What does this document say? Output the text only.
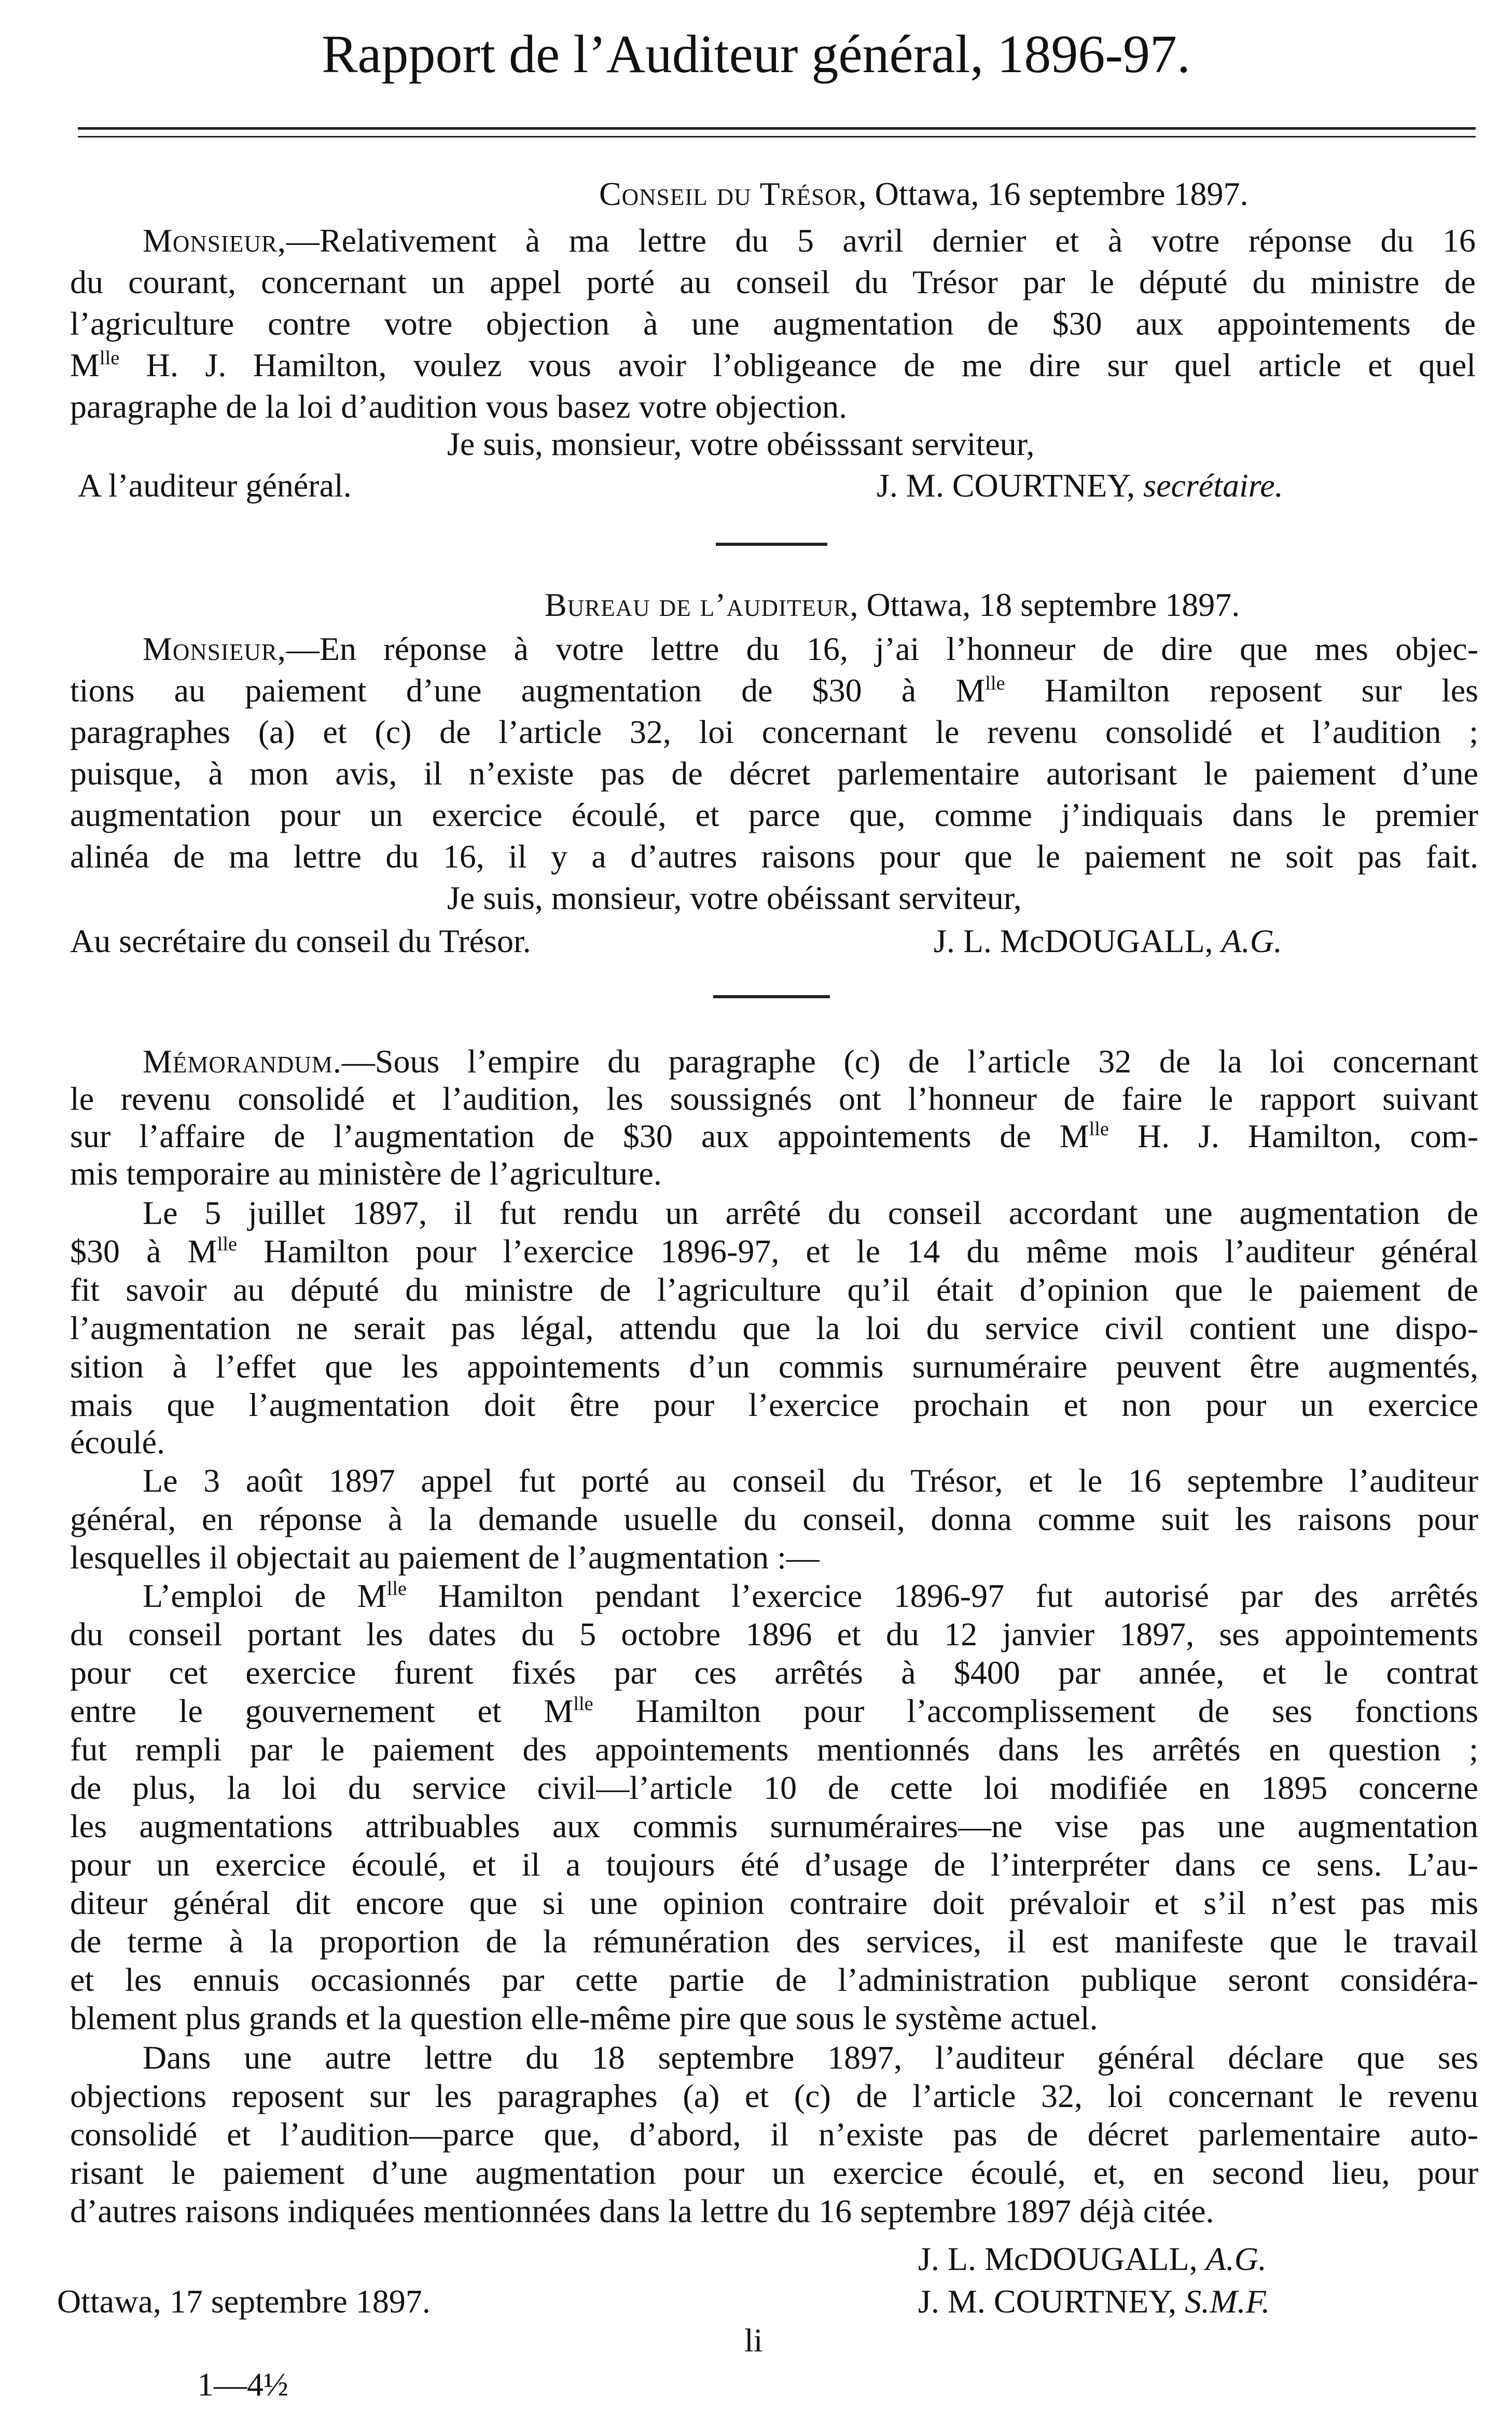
Rapport de l’Auditeur général, 1896-97.
Conseil du Trésor, Ottawa, 16 septembre 1897.
Monsieur,—Relativement à ma lettre du 5 avril dernier et à votre réponse du 16
du courant, concernant un appel porté au conseil du Trésor par le député du ministre de
l’agriculture contre votre objection à une augmentation de $30 aux appointements de
$M^{lle}$ H. J. Hamilton, voulez vous avoir l’obligeance de me dire sur quel article et quel
paragraphe de la loi d’audition vous basez votre objection.
Je suis, monsieur, votre obéisssant serviteur,
A l’auditeur général.	J. M. COURTNEY, secrétaire.
Bureau de l’auditeur, Ottawa, 18 septembre 1897.
Monsieur,—En réponse à votre lettre du 16, j’ai l’honneur de dire que mes objec-
tions au paiement d’une augmentation de $30 à $M^{lle}$ Hamilton reposent sur les
paragraphes (a) et (c) de l’article 32, loi concernant le revenu consolidé et l’audition ;
puisque, à mon avis, il n’existe pas de décret parlementaire autorisant le paiement d’une
augmentation pour un exercice écoulé, et parce que, comme j’indiquais dans le premier
alinéa de ma lettre du 16, il y a d’autres raisons pour que le paiement ne soit pas fait.
Je suis, monsieur, votre obéissant serviteur,
Au secrétaire du conseil du Trésor.	J. L. McDOUGALL, A.G.
Mémorandum.—Sous l’empire du paragraphe (c) de l’article 32 de la loi concernant
le revenu consolidé et l’audition, les soussignés ont l’honneur de faire le rapport suivant
sur l’affaire de l’augmentation de $30 aux appointements de $M^{lle}$ H. J. Hamilton, com-
mis temporaire au ministère de l’agriculture.
Le 5 juillet 1897, il fut rendu un arrêté du conseil accordant une augmentation de
$30 à $M^{lle}$ Hamilton pour l’exercice 1896-97, et le 14 du même mois l’auditeur général
fit savoir au député du ministre de l’agriculture qu’il était d’opinion que le paiement de
l’augmentation ne serait pas légal, attendu que la loi du service civil contient une dispo-
sition à l’effet que les appointements d’un commis surnuméraire peuvent être augmentés,
mais que l’augmentation doit être pour l’exercice prochain et non pour un exercice
écoulé.
Le 3 août 1897 appel fut porté au conseil du Trésor, et le 16 septembre l’auditeur
général, en réponse à la demande usuelle du conseil, donna comme suit les raisons pour
lesquelles il objectait au paiement de l’augmentation :—
L’emploi de $M^{lle}$ Hamilton pendant l’exercice 1896-97 fut autorisé par des arrêtés
du conseil portant les dates du 5 octobre 1896 et du 12 janvier 1897, ses appointements
pour cet exercice furent fixés par ces arrêtés à $400 par année, et le contrat
entre le gouvernement et $M^{lle}$ Hamilton pour l’accomplissement de ses fonctions
fut rempli par le paiement des appointements mentionnés dans les arrêtés en question ;
de plus, la loi du service civil—l’article 10 de cette loi modifiée en 1895 concerne
les augmentations attribuables aux commis surnuméraires—ne vise pas une augmentation
pour un exercice écoulé, et il a toujours été d’usage de l’interpréter dans ce sens. L’au-
diteur général dit encore que si une opinion contraire doit prévaloir et s’il n’est pas mis
de terme à la proportion de la rémunération des services, il est manifeste que le travail
et les ennuis occasionnés par cette partie de l’administration publique seront considéra-
blement plus grands et la question elle-même pire que sous le système actuel.
Dans une autre lettre du 18 septembre 1897, l’auditeur général déclare que ses
objections reposent sur les paragraphes (a) et (c) de l’article 32, loi concernant le revenu
consolidé et l’audition—parce que, d’abord, il n’existe pas de décret parlementaire auto-
risant le paiement d’une augmentation pour un exercice écoulé, et, en second lieu, pour
d’autres raisons indiquées mentionnées dans la lettre du 16 septembre 1897 déjà citée.
J. L. McDOUGALL, A.G.
Ottawa, 17 septembre 1897.	J. M. COURTNEY, S.M.F.
li
1—4½
